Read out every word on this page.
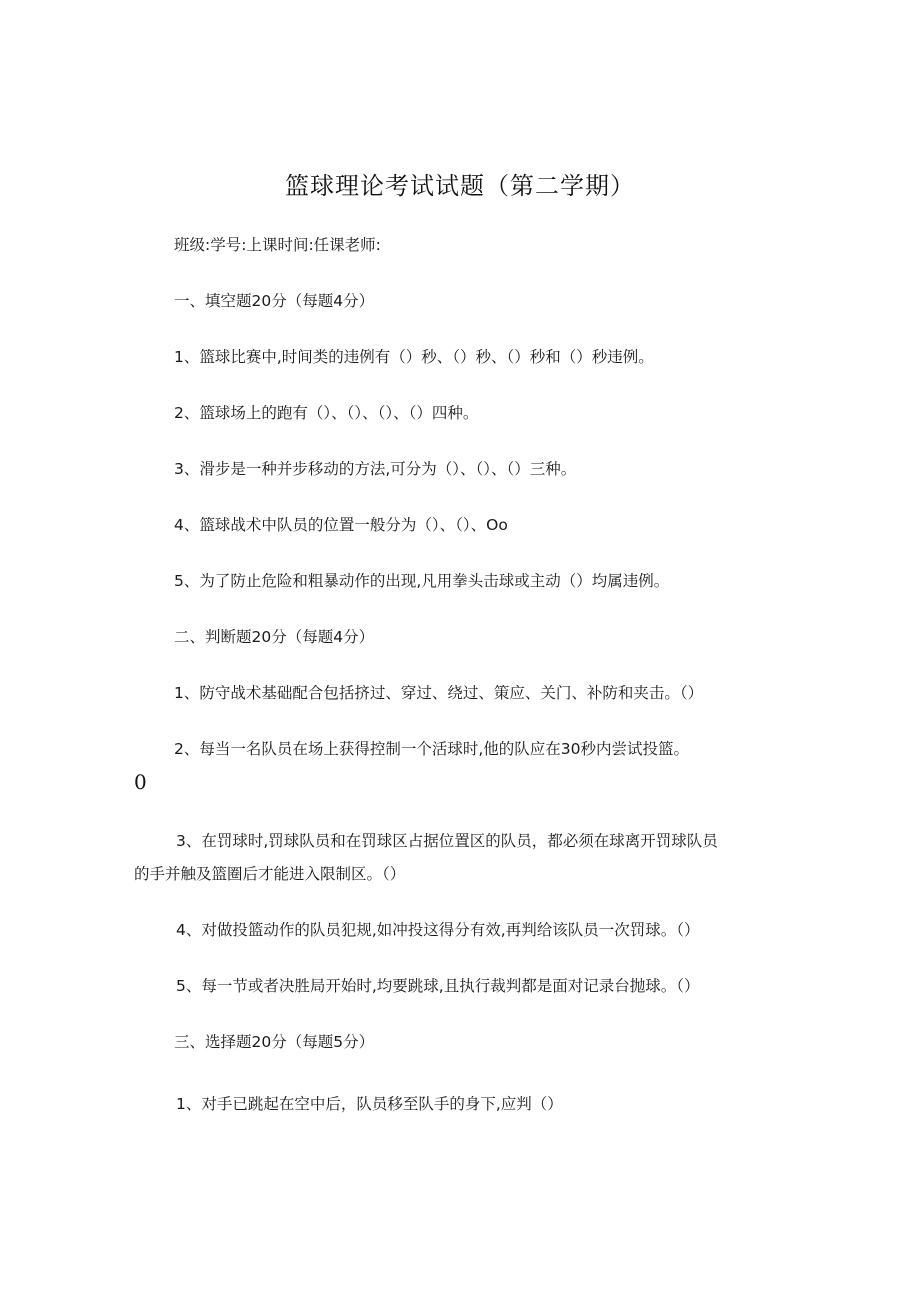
篮球理论考试试题（第二学期）
班级:学号:上课时间:任课老师:
一、填空题20分（每题4分）
1、篮球比赛中,时间类的违例有（）秒、（）秒、（）秒和（）秒违例。
2、篮球场上的跑有（）、（）、（）、（）四种。
3、滑步是一种并步移动的方法,可分为（）、（）、（）三种。
4、篮球战术中队员的位置一般分为（）、（）、Oo
5、为了防止危险和粗暴动作的出现,凡用拳头击球或主动（）均属违例。
二、判断题20分（每题4分）
1、防守战术基础配合包括挤过、穿过、绕过、策应、关门、补防和夹击。（）
2、每当一名队员在场上获得控制一个活球时,他的队应在30秒内尝试投篮。
0
3、在罚球时,罚球队员和在罚球区占据位置区的队员，都必须在球离开罚球队员
的手并触及篮圈后才能进入限制区。（）
4、对做投篮动作的队员犯规,如冲投这得分有效,再判给该队员一次罚球。（）
5、每一节或者决胜局开始时,均要跳球,且执行裁判都是面对记录台抛球。（）
三、选择题20分（每题5分）
1、对手已跳起在空中后，队员移至队手的身下,应判（）
